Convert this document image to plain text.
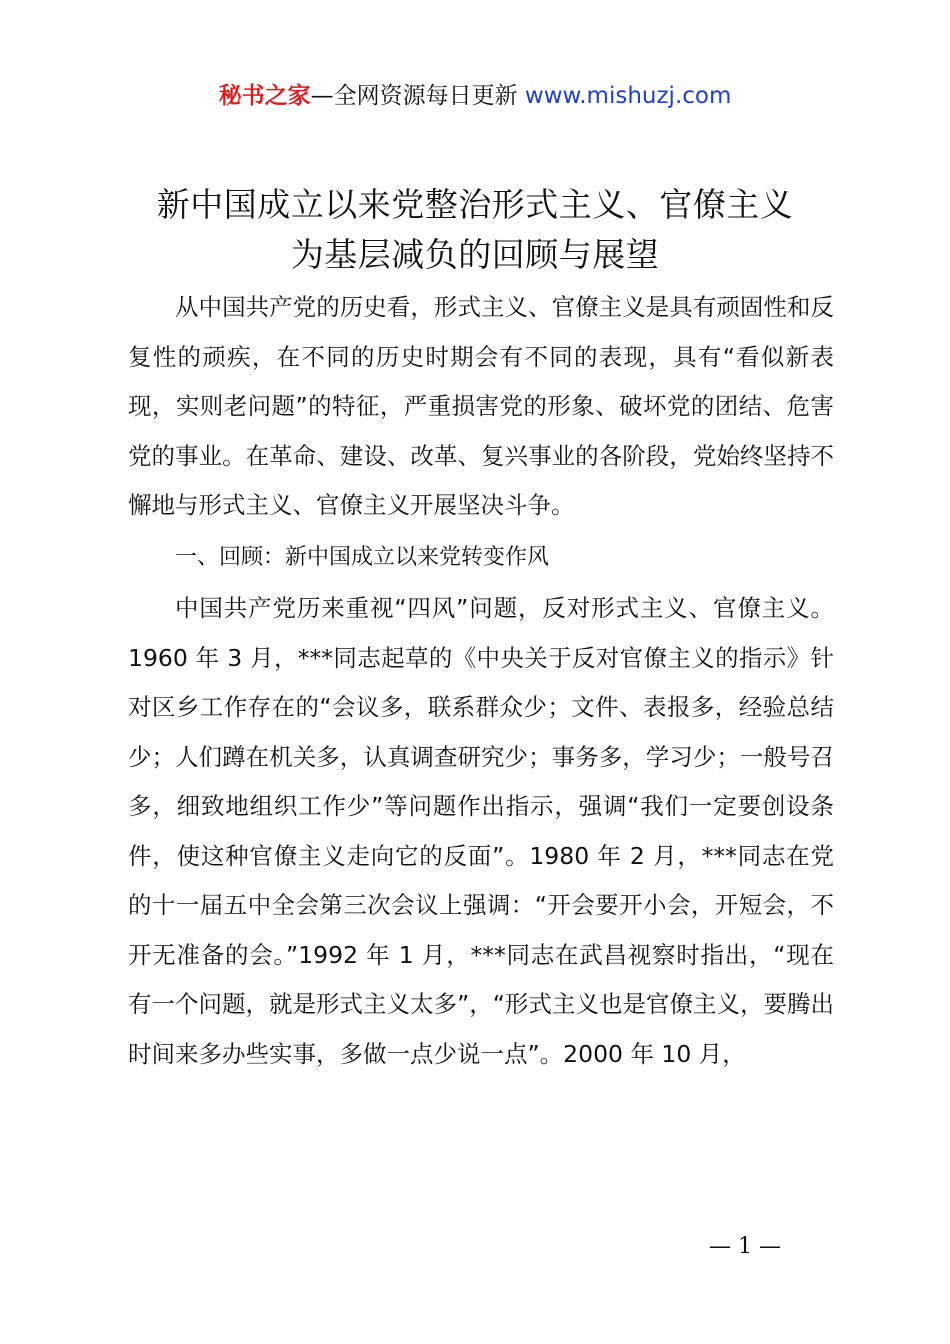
秘书之家—全网资源每日更新 www.mishuzj.com
新中国成立以来党整治形式主义、官僚主义
为基层减负的回顾与展望

从中国共产党的历史看，形式主义、官僚主义是具有顽固性和反复性的顽疾，在不同的历史时期会有不同的表现，具有“看似新表现，实则老问题”的特征，严重损害党的形象、破坏党的团结、危害党的事业。在革命、建设、改革、复兴事业的各阶段，党始终坚持不懈地与形式主义、官僚主义开展坚决斗争。

一、回顾：新中国成立以来党转变作风

中国共产党历来重视“四风”问题，反对形式主义、官僚主义。1960 年 3 月，***同志起草的《中央关于反对官僚主义的指示》针对区乡工作存在的“会议多，联系群众少；文件、表报多，经验总结少；人们蹲在机关多，认真调查研究少；事务多，学习少；一般号召多，细致地组织工作少”等问题作出指示，强调“我们一定要创设条件，使这种官僚主义走向它的反面”。1980 年 2 月，***同志在党的十一届五中全会第三次会议上强调：“开会要开小会，开短会，不开无准备的会。”1992 年 1 月，***同志在武昌视察时指出，“现在有一个问题，就是形式主义太多”，“形式主义也是官僚主义，要腾出时间来多办些实事，多做一点少说一点”。2000 年 10 月，

— 1 —
